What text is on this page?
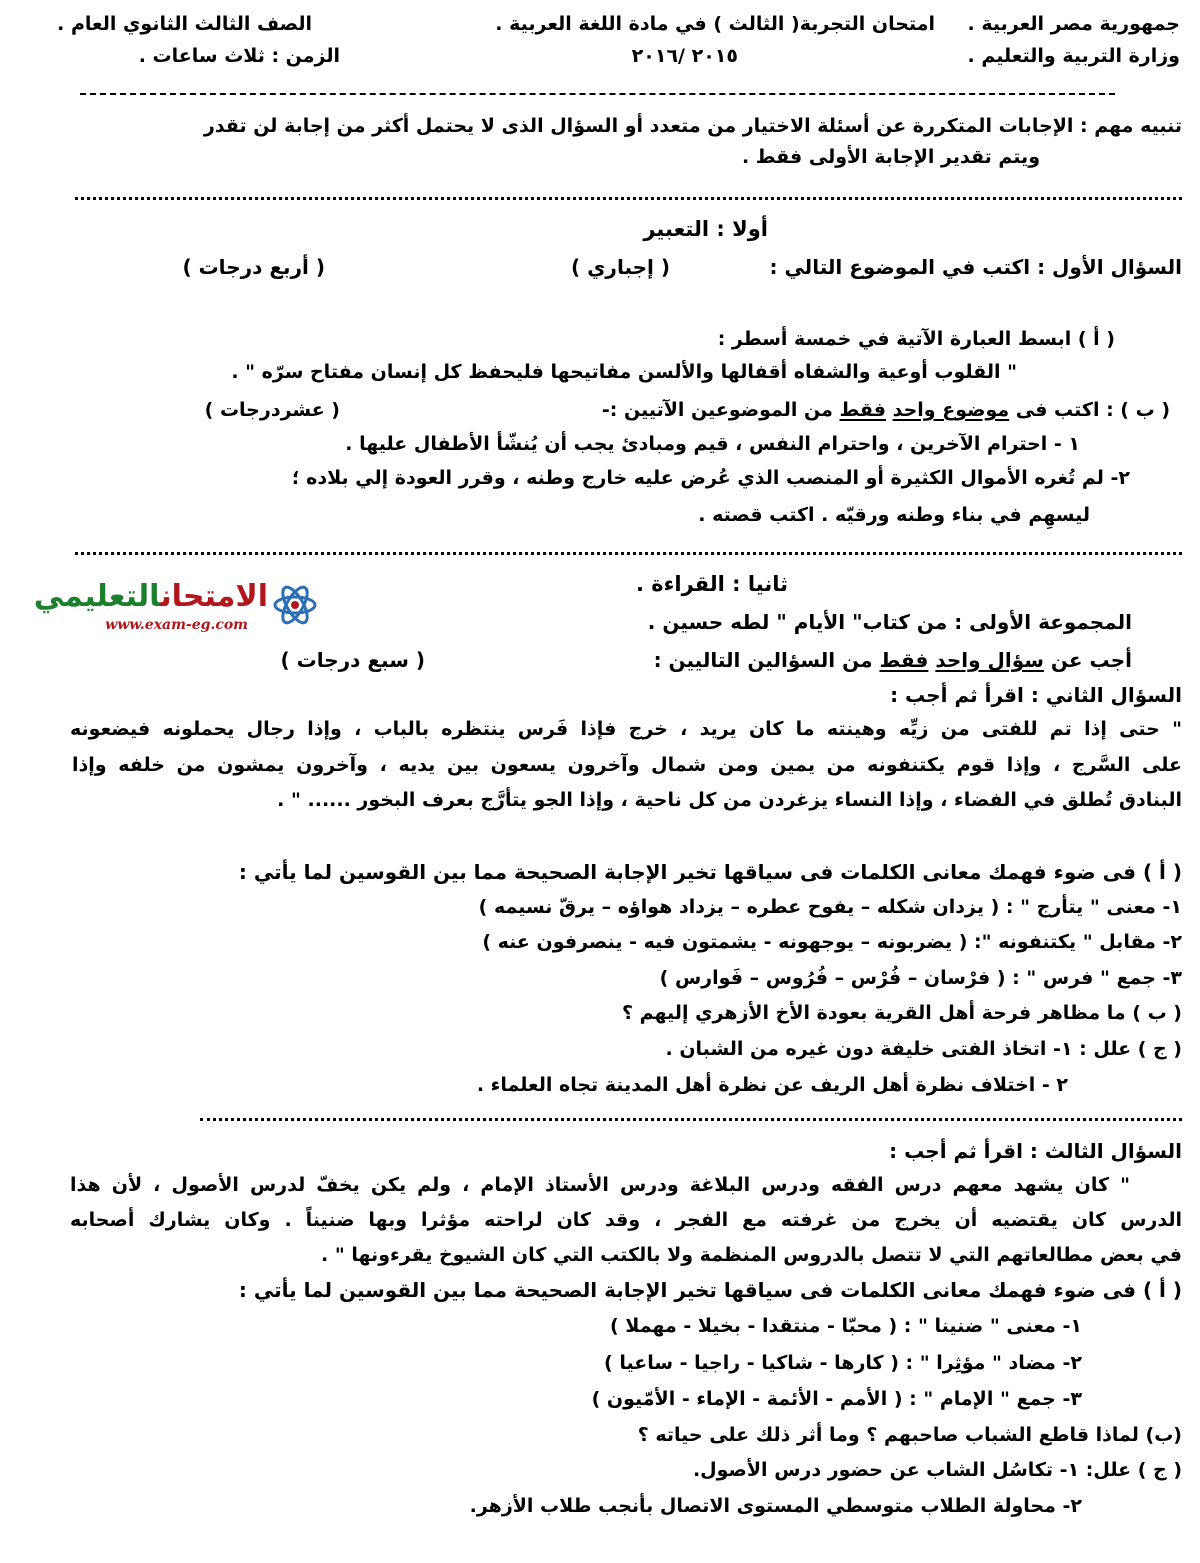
جمهورية مصر العربية .
امتحان التجربة( الثالث ) في مادة اللغة العربية .
الصف الثالث الثانوي العام .
وزارة التربية والتعليم .
٢٠١٥ /٢٠١٦
الزمن : ثلاث ساعات .
تنبيه مهم : الإجابات المتكررة عن أسئلة الاختيار من متعدد أو السؤال الذى لا يحتمل أكثر من إجابة لن تقدر
ويتم تقدير الإجابة الأولى فقط .
أولا : التعبير
السؤال الأول : اكتب في الموضوع التالي :
( إجباري )
( أربع درجات )
( أ ) ابسط العبارة الآتية في خمسة أسطر :
" القلوب أوعية والشفاه أقفالها والألسن مفاتيحها فليحفظ كل إنسان مفتاح سرّه " .
( ب ) : اكتب فى موضوع واحد فقط من الموضوعين الآتيين :-
( عشردرجات )
١ - احترام الآخرين ، واحترام النفس ، قيم ومبادئ يجب أن يُنشّأ الأطفال عليها .
٢- لم تُغره الأموال الكثيرة أو المنصب الذي عُرض عليه خارج وطنه ، وقرر العودة إلي بلاده ؛
ليسهِم في بناء وطنه ورقيّه . اكتب قصته .
الامتحانالتعليمي
www.exam-eg.com
ثانيا : القراءة .
المجموعة الأولى : من كتاب" الأيام " لطه حسين .
أجب عن سؤال واحد فقط من السؤالين التاليين :
( سبع درجات )
السؤال الثاني : اقرأ ثم أجب :
" حتى إذا تم للفتى من زيِّه وهينته ما كان يريد ، خرج فإذا فَرس ينتظره بالباب ، وإذا رجال يحملونه فيضعونه
على السَّرج ، وإذا قوم يكتنفونه من يمين ومن شمال وآخرون يسعون بين يديه ، وآخرون يمشون من خلفه وإذا
البنادق تُطلق في الفضاء ، وإذا النساء يزغردن من كل ناحية ، وإذا الجو يتأرَّج بعرف البخور ...... " .
( أ ) فى ضوء فهمك معانى الكلمات فى سياقها تخير الإجابة الصحيحة مما بين القوسين لما يأتي :
١- معنى " يتأرج " : ( يزدان شكله – يفوح عطره – يزداد هواؤه – يرقّ نسيمه )
٢- مقابل " يكتنفونه ": ( يضربونه – يوجهونه - يشمتون فيه - ينصرفون عنه )
٣- جمع " فرس " : ( فرْسان – فُرْس – فُرُوس – فَوارس )
( ب ) ما مظاهر فرحة أهل القرية بعودة الأخ الأزهري إليهم ؟
( ج ) علل : ١- اتخاذ الفتى خليفة دون غيره من الشبان .
٢ - اختلاف نظرة أهل الريف عن نظرة أهل المدينة تجاه العلماء .
السؤال الثالث : اقرأ ثم أجب :
" كان يشهد معهم درس الفقه ودرس البلاغة ودرس الأستاذ الإمام ، ولم يكن يخفّ لدرس الأصول ، لأن هذا
الدرس كان يقتضيه أن يخرج من غرفته مع الفجر ، وقد كان لراحته مؤثرا وبها ضنيناً . وكان يشارك أصحابه
في بعض مطالعاتهم التي لا تتصل بالدروس المنظمة ولا بالكتب التي كان الشيوخ يقرءونها " .
( أ ) فى ضوء فهمك معانى الكلمات فى سياقها تخير الإجابة الصحيحة مما بين القوسين لما يأتي :
١- معنى " ضنينا " : ( محبّا - منتقدا - بخيلا - مهملا )
٢- مضاد " مؤثِرا " : ( كارها - شاكيا - راجيا - ساعيا )
٣- جمع " الإمام " : ( الأمم - الأئمة - الإماء - الأمّيون )
(ب) لماذا قاطع الشباب صاحبهم ؟ وما أثر ذلك على حياته ؟
( ج ) علل: ١- تكاسُل الشاب عن حضور درس الأصول.
٢- محاولة الطلاب متوسطي المستوى الاتصال بأنجب طلاب الأزهر.
